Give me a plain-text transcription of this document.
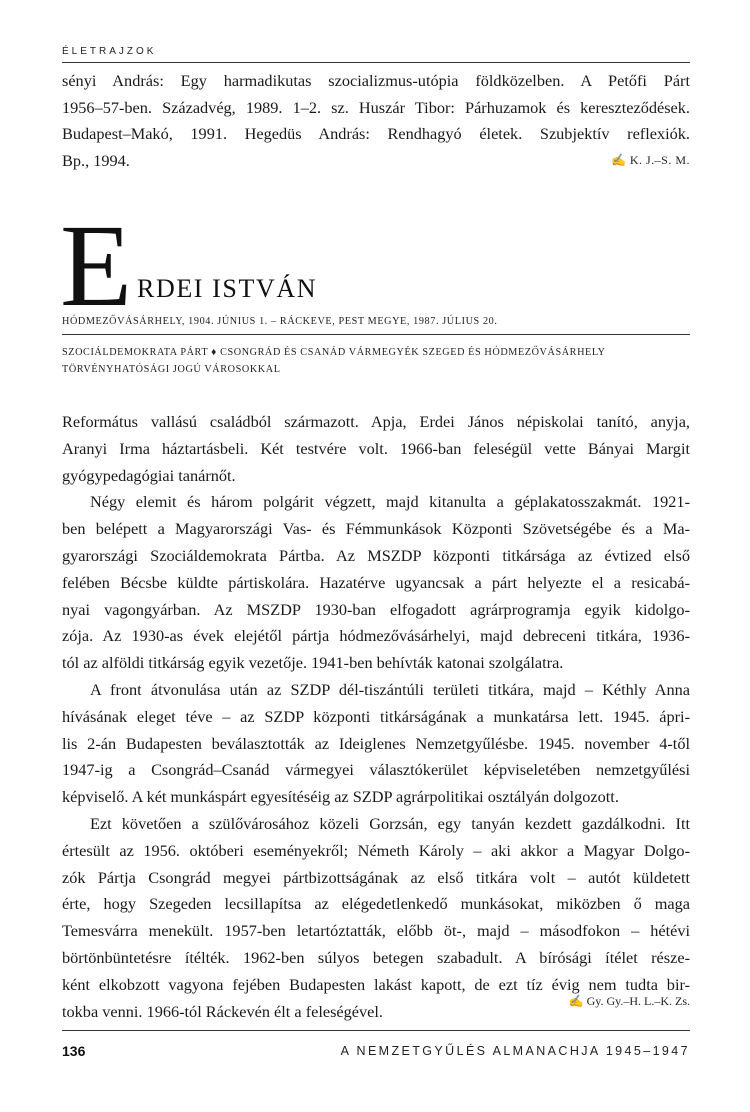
ÉLETRAJZOK
sényi András: Egy harmadikutas szocializmus-utópia földközelben. A Petőfi Párt
1956–57-ben. Századvég, 1989. 1–2. sz. Huszár Tibor: Párhuzamok és kereszteződések.
Budapest–Makó, 1991. Hegedüs András: Rendhagyó életek. Szubjektív reflexiók.
Bp., 1994.	✍ K. J.–S. M.
E RDEI ISTVÁN
HÓDMEZŐVÁSÁRHELY, 1904. JÚNIUS 1. – RÁCKEVE, PEST MEGYE, 1987. JÚLIUS 20.
SZOCIÁLDEMOKRATA PÁRT ♦ CSONGRÁD ÉS CSANÁD VÁRMEGYÉK SZEGED ÉS HÓDMEZŐVÁSÁRHELY
TÖRVÉNYHATÓSÁGI JOGÚ VÁROSOKKAL
Református vallású családból származott. Apja, Erdei János népiskolai tanító, anyja,
Aranyi Irma háztartásbeli. Két testvére volt. 1966-ban feleségül vette Bányai Margit
gyógypedagógiai tanárnőt.
Négy elemit és három polgárit végzett, majd kitanulta a géplakatosszakmát. 1921-
ben belépett a Magyarországi Vas- és Fémmunkások Központi Szövetségébe és a Ma-
gyarországi Szociáldemokrata Pártba. Az MSZDP központi titkársága az évtized első
felében Bécsbe küldte pártiskolára. Hazatérve ugyancsak a párt helyezte el a resicabá-
nyai vagongyárban. Az MSZDP 1930-ban elfogadott agrárprogramja egyik kidolgo-
zója. Az 1930-as évek elejétől pártja hódmezővásárhelyi, majd debreceni titkára, 1936-
tól az alföldi titkárság egyik vezetője. 1941-ben behívták katonai szolgálatra.
A front átvonulása után az SZDP dél-tiszántúli területi titkára, majd – Kéthly Anna
hívásának eleget téve – az SZDP központi titkárságának a munkatársa lett. 1945. ápri-
lis 2-án Budapesten beválasztották az Ideiglenes Nemzetgyűlésbe. 1945. november 4-től
1947-ig a Csongrád–Csanád vármegyei választókerület képviseletében nemzetgyűlési
képviselő. A két munkáspárt egyesítéséig az SZDP agrárpolitikai osztályán dolgozott.
Ezt követően a szülővárosához közeli Gorzsán, egy tanyán kezdett gazdálkodni. Itt
értesült az 1956. októberi eseményekről; Németh Károly – aki akkor a Magyar Dolgo-
zók Pártja Csongrád megyei pártbizottságának az első titkára volt – autót küldetett
érte, hogy Szegeden lecsillapítsa az elégedetlenkedő munkásokat, miközben ő maga
Temesvárra menekült. 1957-ben letartóztatták, előbb öt-, majd – másodfokon – hétévi
börtönbüntetésre ítélték. 1962-ben súlyos betegen szabadult. A bírósági ítélet része-
ként elkobzott vagyona fejében Budapesten lakást kapott, de ezt tíz évig nem tudta bir-
tokba venni. 1966-tól Ráckevén élt a feleségével.
✍ Gy. Gy.–H. L.–K. Zs.
136	A NEMZETGYŰLÉS ALMANACHJA 1945–1947
